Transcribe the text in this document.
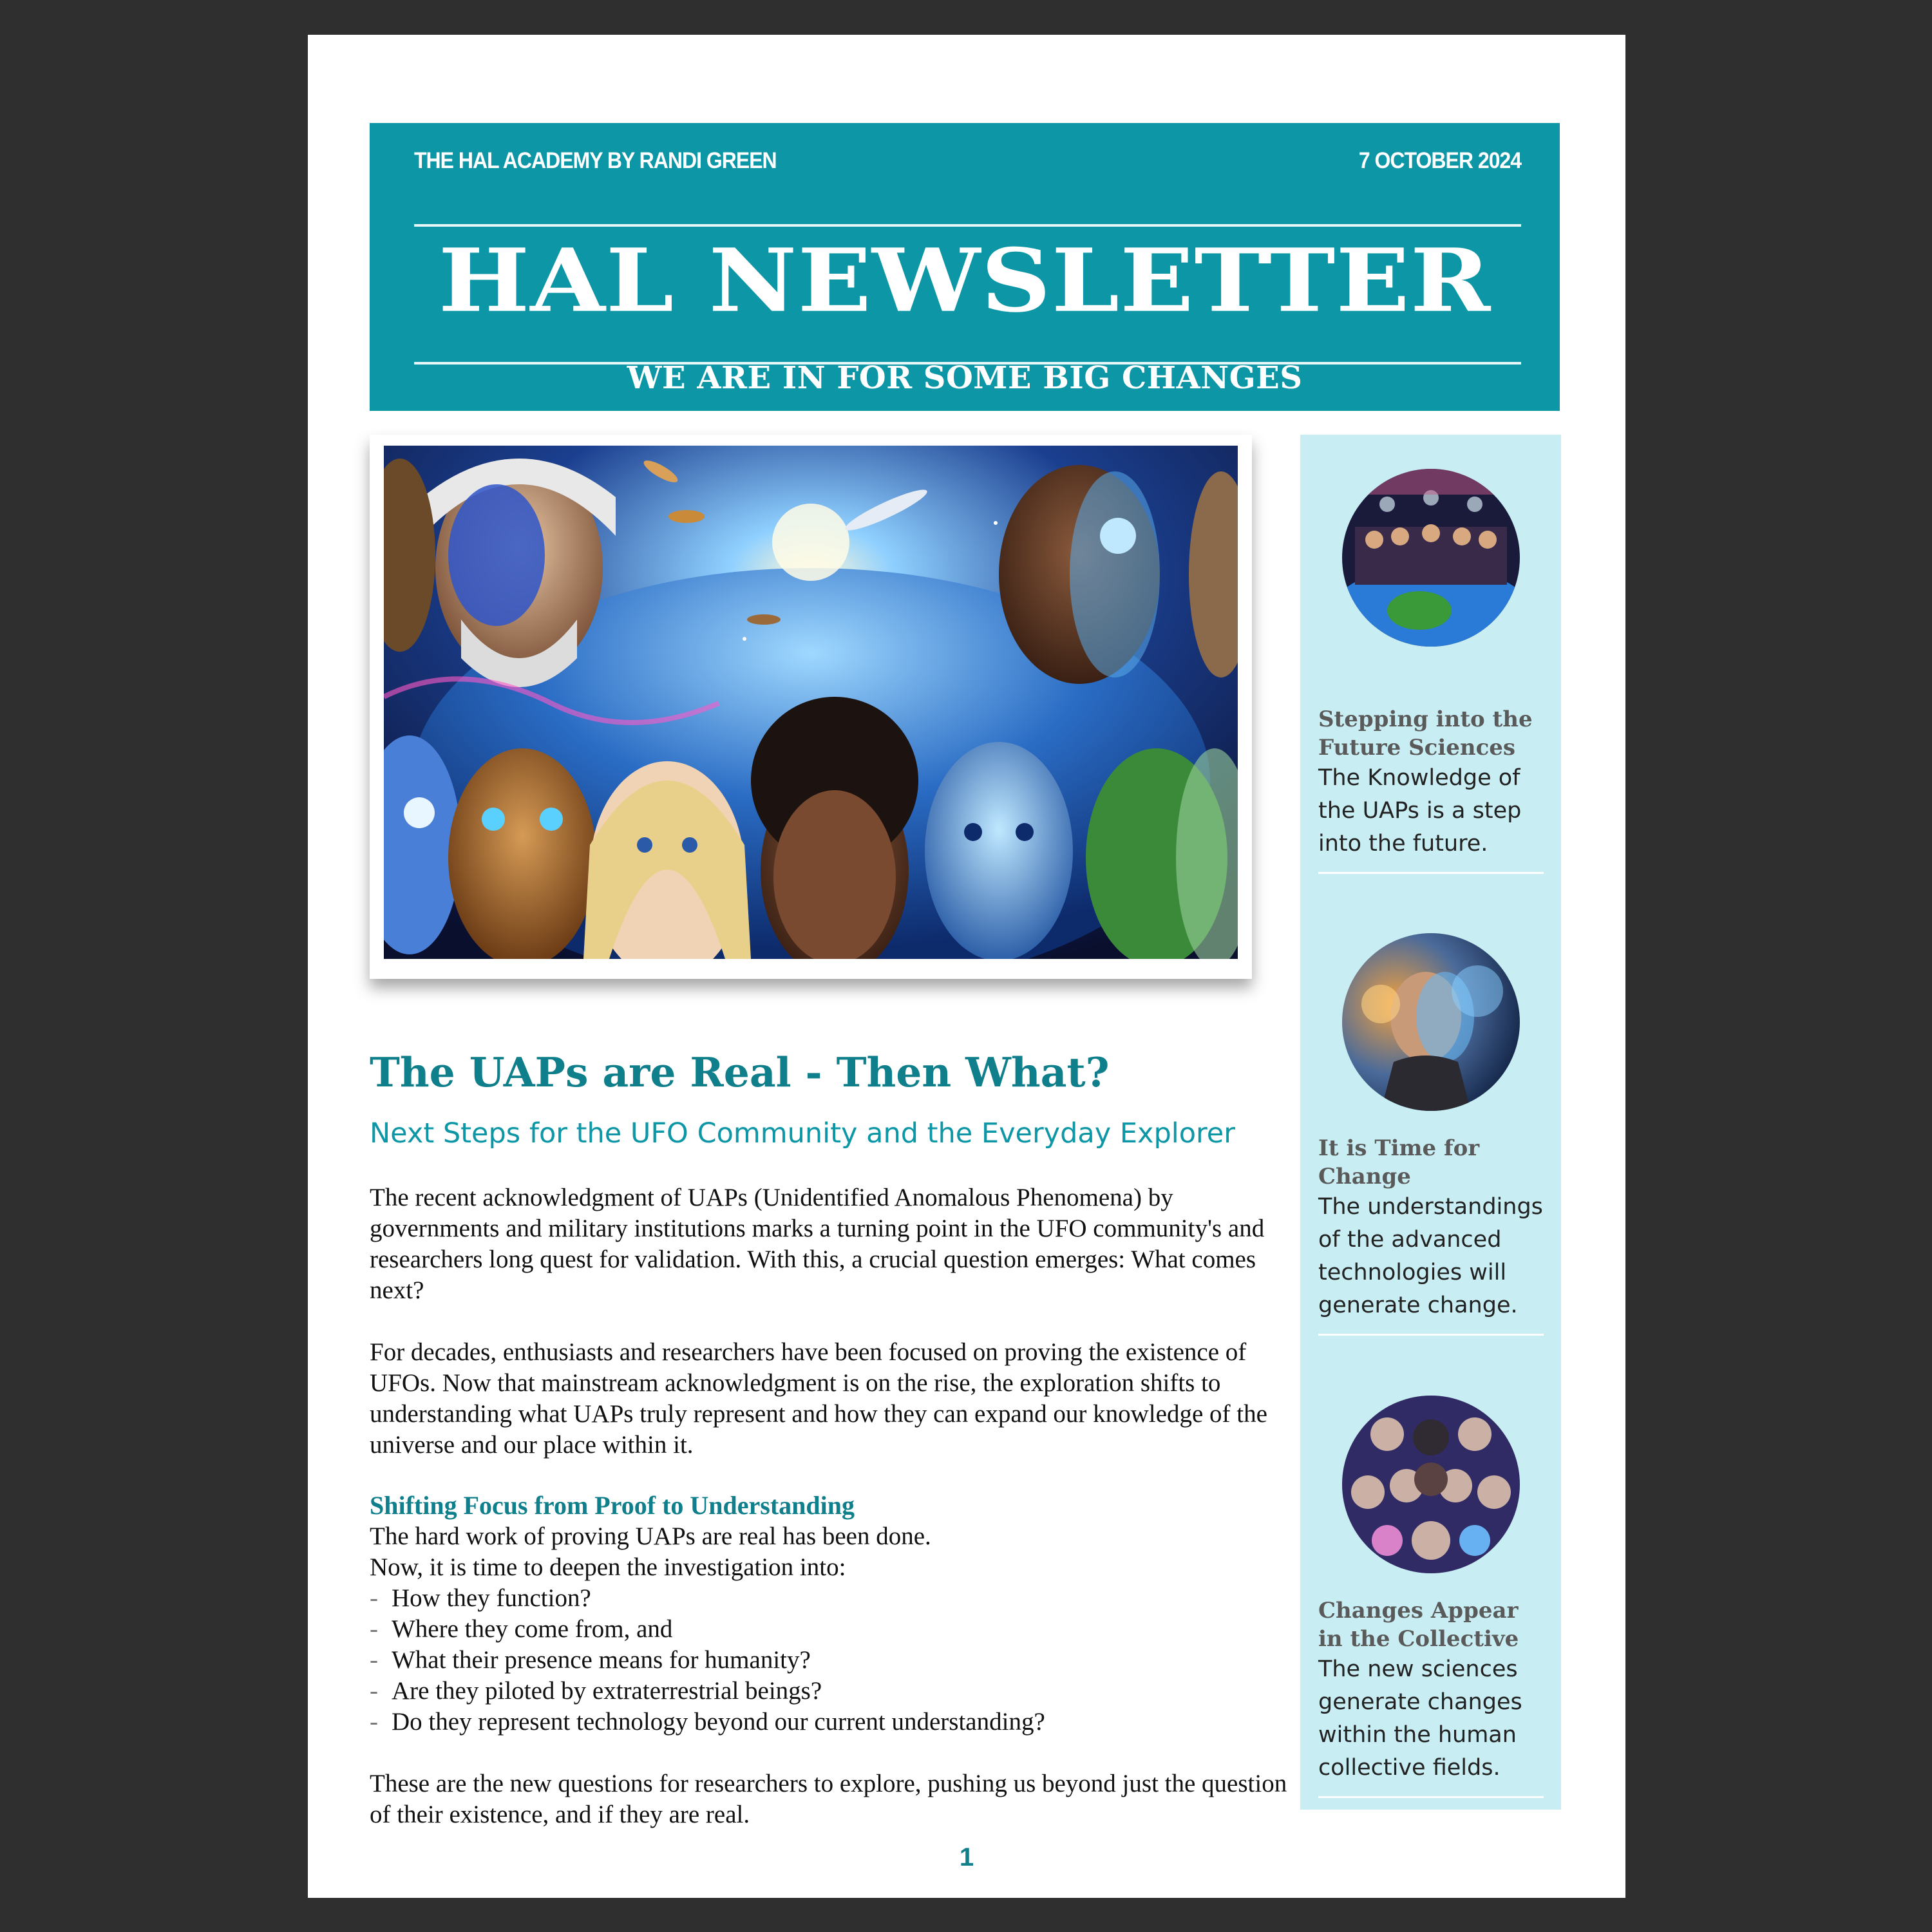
THE HAL ACADEMY BY RANDI GREEN	7 OCTOBER 2024
HAL NEWSLETTER
WE ARE IN FOR SOME BIG CHANGES
The UAPs are Real - Then What?
Next Steps for the UFO Community and the Everyday Explorer

The recent acknowledgment of UAPs (Unidentified Anomalous Phenomena) by governments and military institutions marks a turning point in the UFO community's and researchers long quest for validation. With this, a crucial question emerges: What comes next?

For decades, enthusiasts and researchers have been focused on proving the existence of UFOs. Now that mainstream acknowledgment is on the rise, the exploration shifts to understanding what UAPs truly represent and how they can expand our knowledge of the universe and our place within it.

Shifting Focus from Proof to Understanding

The hard work of proving UAPs are real has been done.

Now, it is time to deepen the investigation into:

- How they function?
- Where they come from, and
- What their presence means for humanity?
- Are they piloted by extraterrestrial beings?
- Do they represent technology beyond our current understanding?

These are the new questions for researchers to explore, pushing us beyond just the question of their existence, and if they are real.

Stepping into the Future Sciences
The Knowledge of the UAPs is a step into the future.
It is Time for Change
The understandings of the advanced technologies will generate change.
Changes Appear in the Collective
The new sciences generate changes within the human collective fields.
1
